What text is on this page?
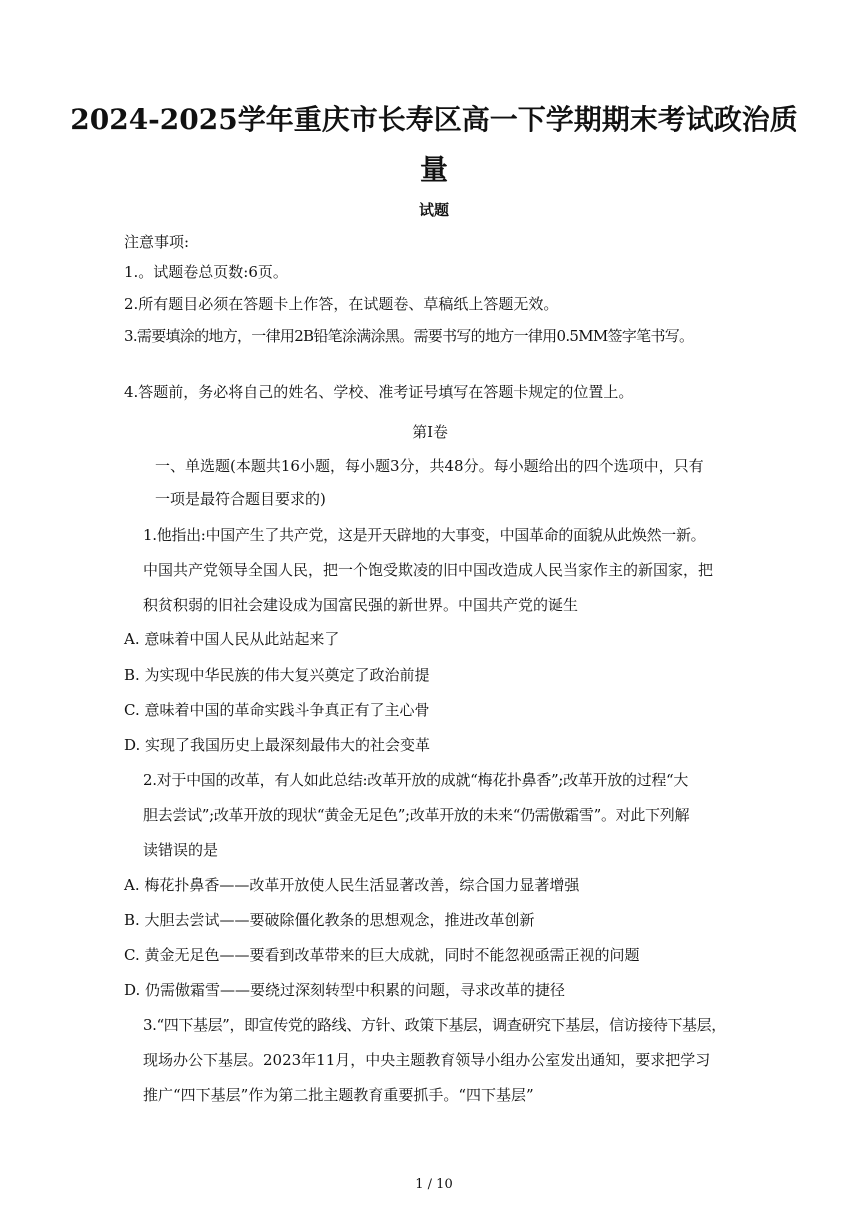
2024-2025学年重庆市长寿区高一下学期期末考试政治质
量
试题
注意事项:
1.。试题卷总页数:6页。
2.所有题目必须在答题卡上作答，在试题卷、草稿纸上答题无效。
3.需要填涂的地方，一律用2B铅笔涂满涂黑。需要书写的地方一律用0.5MM签字笔书写。
4.答题前，务必将自己的姓名、学校、准考证号填写在答题卡规定的位置上。
第Ⅰ卷
一、单选题(本题共16小题，每小题3分，共48分。每小题给出的四个选项中，只有
一项是最符合题目要求的)
1.他指出:中国产生了共产党，这是开天辟地的大事变，中国革命的面貌从此焕然一新。
中国共产党领导全国人民，把一个饱受欺凌的旧中国改造成人民当家作主的新国家，把
积贫积弱的旧社会建设成为国富民强的新世界。中国共产党的诞生
A. 意味着中国人民从此站起来了
B. 为实现中华民族的伟大复兴奠定了政治前提
C. 意味着中国的革命实践斗争真正有了主心骨
D. 实现了我国历史上最深刻最伟大的社会变革
2.对于中国的改革，有人如此总结:改革开放的成就“梅花扑鼻香”;改革开放的过程“大
胆去尝试”;改革开放的现状“黄金无足色”;改革开放的未来“仍需傲霜雪”。对此下列解
读错误的是
A. 梅花扑鼻香——改革开放使人民生活显著改善，综合国力显著增强
B. 大胆去尝试——要破除僵化教条的思想观念，推进改革创新
C. 黄金无足色——要看到改革带来的巨大成就，同时不能忽视亟需正视的问题
D. 仍需傲霜雪——要绕过深刻转型中积累的问题，寻求改革的捷径
3.“四下基层”，即宣传党的路线、方针、政策下基层，调查研究下基层，信访接待下基层，
现场办公下基层。2023年11月，中央主题教育领导小组办公室发出通知，要求把学习
推广“四下基层”作为第二批主题教育重要抓手。“四下基层”
1 / 10
